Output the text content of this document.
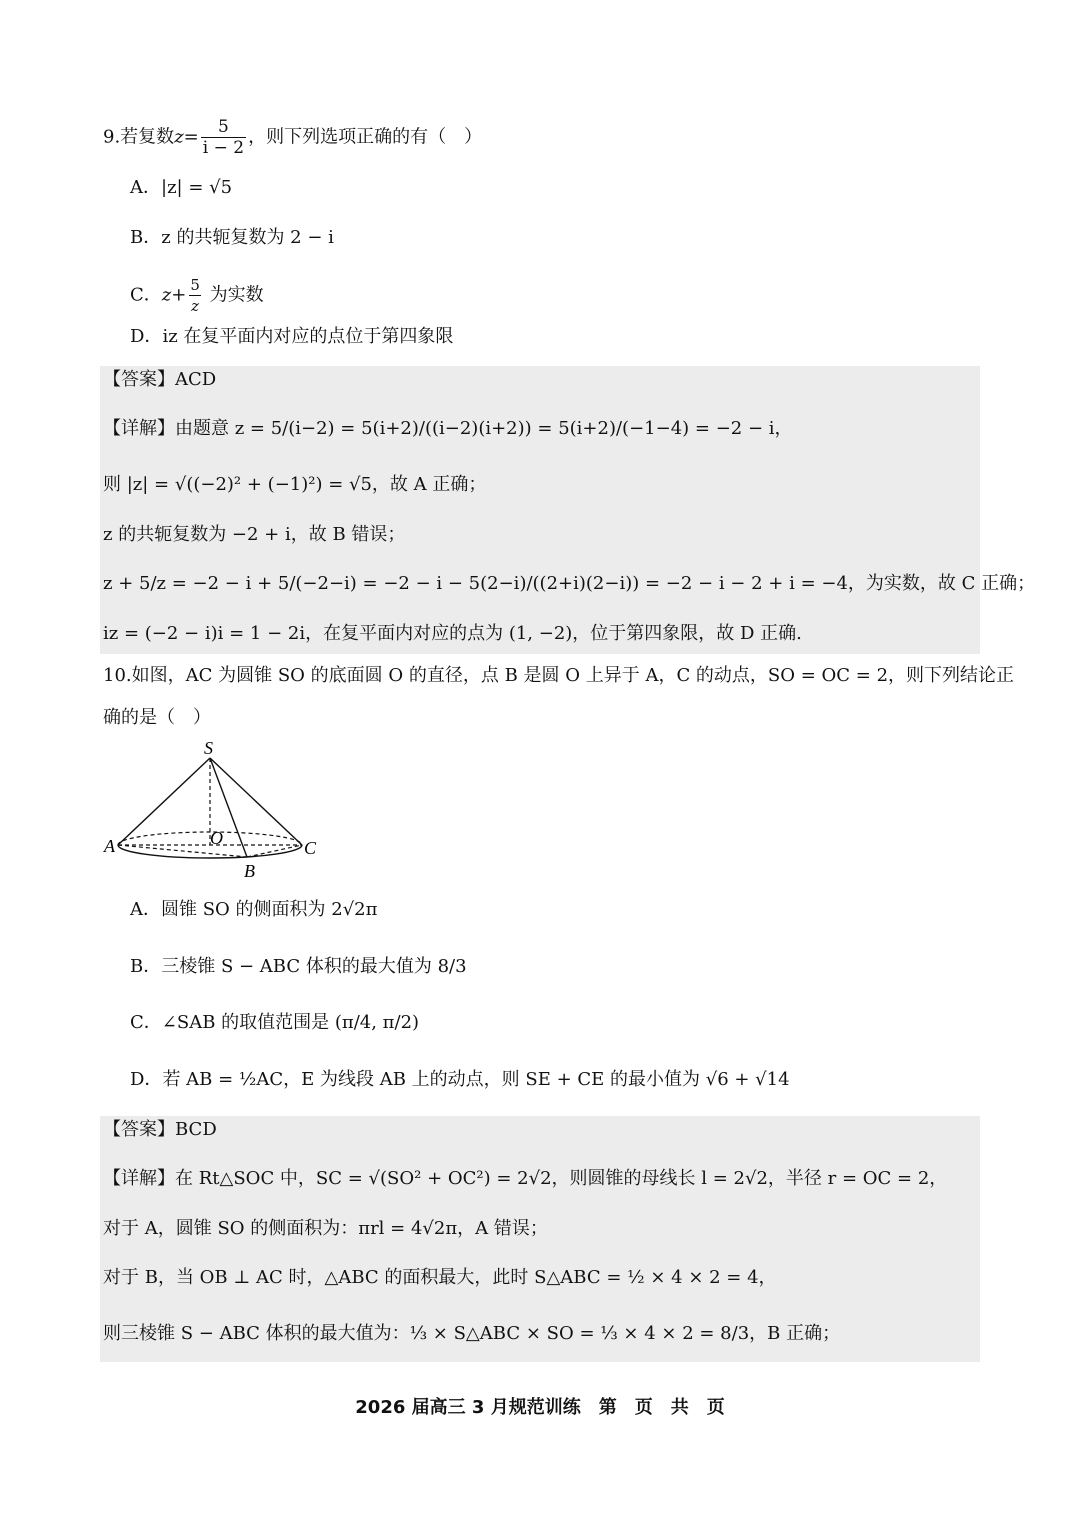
9.若复数$z= \frac{5}{i - 2}$ ，则下列选项正确的有（　）
A．|z| = √5
B．z 的共轭复数为 2 − i
C．$z+ \frac{5}{z}$ 为实数
D．iz 在复平面内对应的点位于第四象限
【答案】ACD
【详解】由题意 z = 5/(i−2) = 5(i+2)/((i−2)(i+2)) = 5(i+2)/(−1−4) = −2 − i，
则 |z| = √((−2)² + (−1)²) = √5，故 A 正确；
z 的共轭复数为 −2 + i，故 B 错误；
z + 5/z = −2 − i + 5/(−2−i) = −2 − i − 5(2−i)/((2+i)(2−i)) = −2 − i − 2 + i = −4，为实数，故 C 正确；
iz = (−2 − i)i = 1 − 2i，在复平面内对应的点为 (1, −2)，位于第四象限，故 D 正确.
10.如图，AC 为圆锥 SO 的底面圆 O 的直径，点 B 是圆 O 上异于 A，C 的动点，SO = OC = 2，则下列结论正
确的是（　）
S
O
A
B
C
A．圆锥 SO 的侧面积为 2√2π
B．三棱锥 S − ABC 体积的最大值为 8/3
C．∠SAB 的取值范围是 (π/4, π/2)
D．若 AB = ½AC，E 为线段 AB 上的动点，则 SE + CE 的最小值为 √6 + √14
【答案】BCD
【详解】在 Rt△SOC 中，SC = √(SO² + OC²) = 2√2，则圆锥的母线长 l = 2√2，半径 r = OC = 2，
对于 A，圆锥 SO 的侧面积为：πrl = 4√2π，A 错误；
对于 B，当 OB ⊥ AC 时，△ABC 的面积最大，此时 S△ABC = ½ × 4 × 2 = 4，
则三棱锥 S − ABC 体积的最大值为：⅓ × S△ABC × SO = ⅓ × 4 × 2 = 8/3，B 正确；
2026 届高三 3 月规范训练　第　页　共　页
